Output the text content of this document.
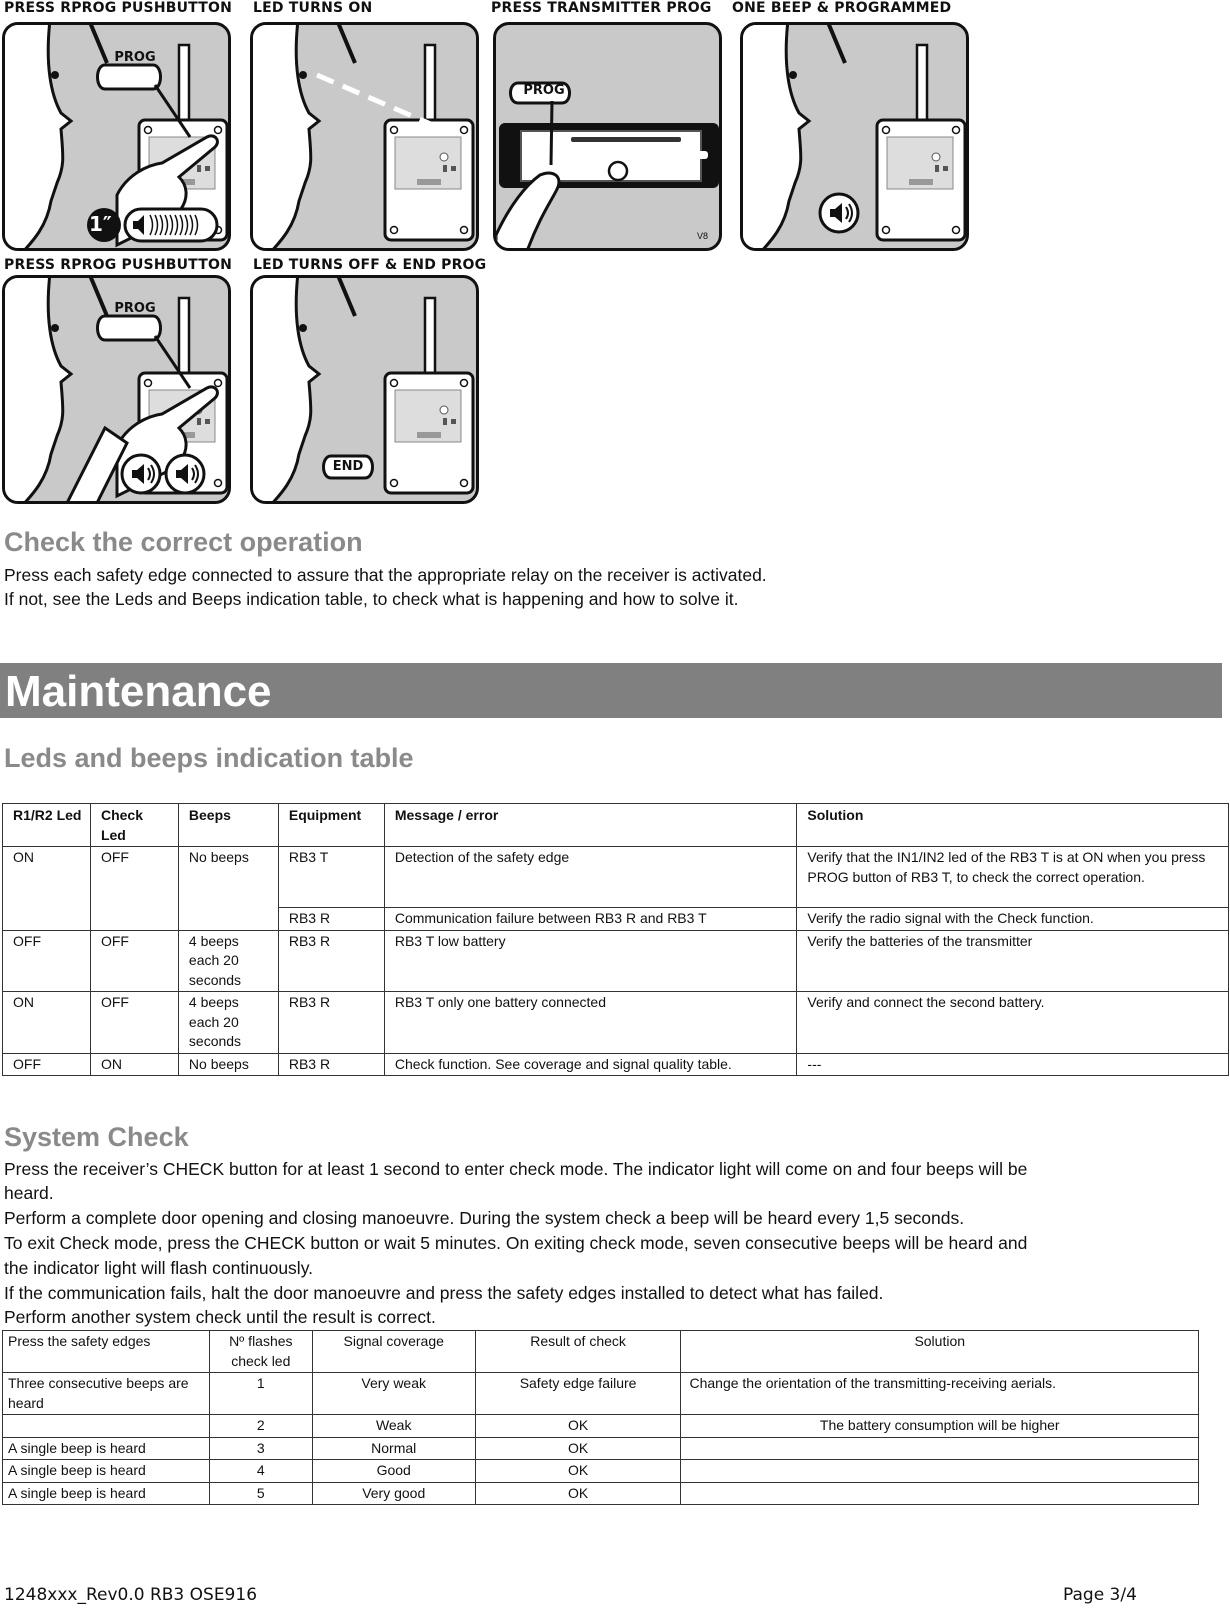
PRESS RPROG PUSHBUTTON LED TURNS ON	PRESS TRANSMITTER PROG ONE BEEP & PROGRAMMED
PROG
1″
PROG
V8
PRESS RPROG PUSHBUTTON LED TURNS OFF & END PROG
PROG
END
Check the correct operation
Press each safety edge connected to assure that the appropriate relay on the receiver is activated.
If not, see the Leds and Beeps indication table, to check what is happening and how to solve it.
Maintenance
Leds and beeps indication table
R1/R2 Led	Check Led	Beeps	Equipment	Message / error	Solution
ON	OFF	No beeps	RB3 T	Detection of the safety edge	Verify that the IN1/IN2 led of the RB3 T is at ON when you press PROG button of RB3 T, to check the correct operation.
			RB3 R	Communication failure between RB3 R and RB3 T	Verify the radio signal with the Check function.
OFF	OFF	4 beeps each 20 seconds	RB3 R	RB3 T low battery	Verify the batteries of the transmitter
ON	OFF	4 beeps each 20 seconds	RB3 R	RB3 T only one battery connected	Verify and connect the second battery.
OFF	ON	No beeps	RB3 R	Check function. See coverage and signal quality table.	---
System Check
Press the receiver’s CHECK button for at least 1 second to enter check mode. The indicator light will come on and four beeps will be
heard.
Perform a complete door opening and closing manoeuvre. During the system check a beep will be heard every 1,5 seconds.
To exit Check mode, press the CHECK button or wait 5 minutes. On exiting check mode, seven consecutive beeps will be heard and
the indicator light will flash continuously.
If the communication fails, halt the door manoeuvre and press the safety edges installed to detect what has failed.
Perform another system check until the result is correct.
Press the safety edges	Nº flashes check led	Signal coverage	Result of check	Solution
Three consecutive beeps are heard	1	Very weak	Safety edge failure	Change the orientation of the transmitting-receiving aerials.
	2	Weak	OK	The battery consumption will be higher
A single beep is heard	3	Normal	OK	
A single beep is heard	4	Good	OK	
A single beep is heard	5	Very good	OK	
1248xxx_Rev0.0 RB3 OSE916	Page 3/4
